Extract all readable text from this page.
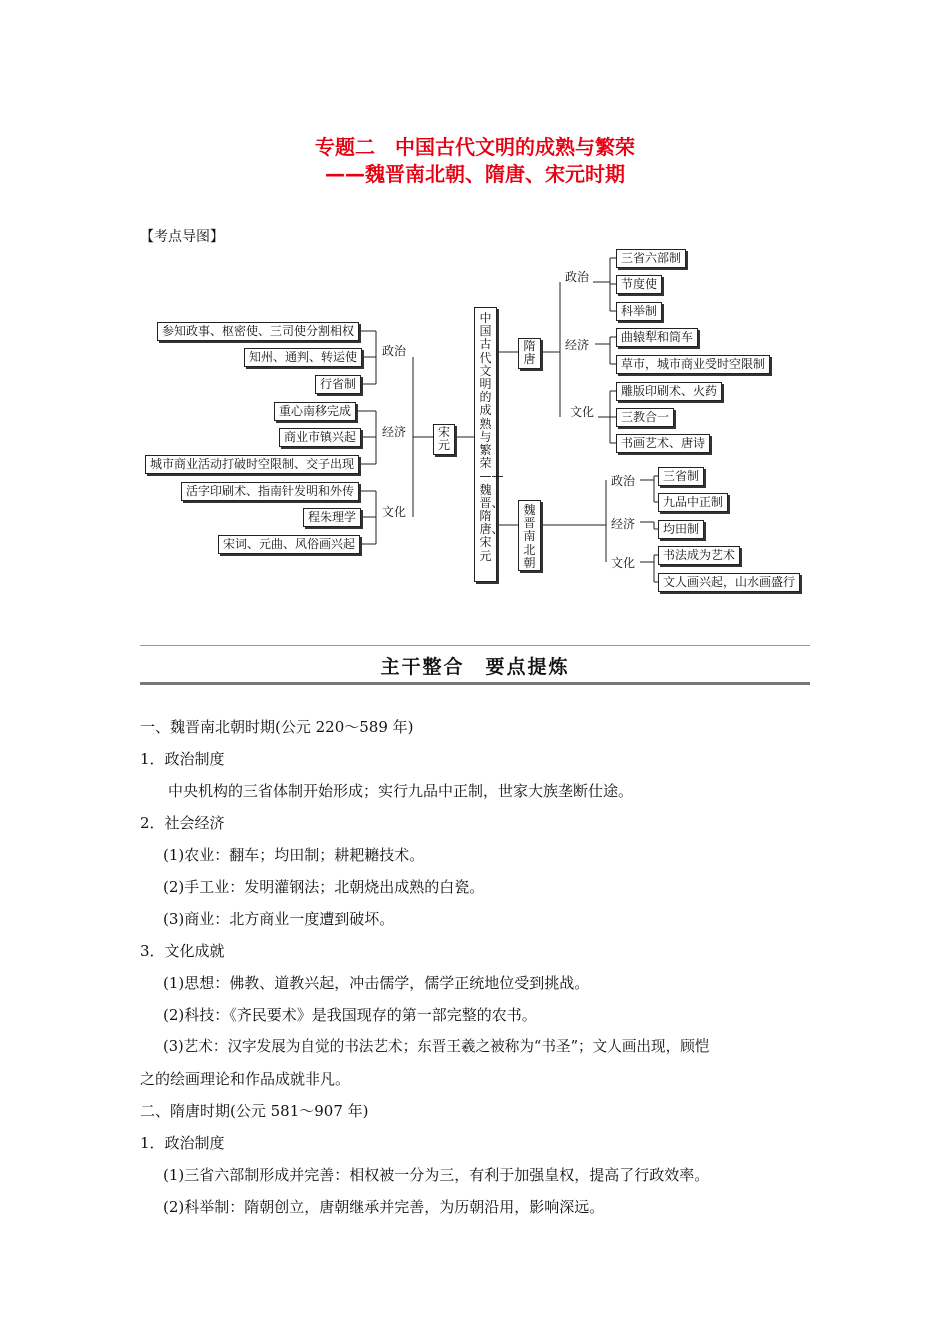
专题二　中国古代文明的成熟与繁荣
——魏晋南北朝、隋唐、宋元时期
【考点导图】
参知政事、枢密使、三司使分割相权
知州、通判、转运使
行省制
重心南移完成
商业市镇兴起
城市商业活动打破时空限制、交子出现
活字印刷术、指南针发明和外传
程朱理学
宋词、元曲、风俗画兴起
政治
经济
文化
宋元
中国古代文明的成熟与繁荣——魏晋、隋唐、宋元
隋唐
魏晋南北朝
政治
经济
文化
三省六部制
节度使
科举制
曲辕犁和筒车
草市，城市商业受时空限制
雕版印刷术、火药
三教合一
书画艺术、唐诗
政治
经济
文化
三省制
九品中正制
均田制
书法成为艺术
文人画兴起，山水画盛行
主干整合　要点提炼
一、魏晋南北朝时期(公元 220～589 年)
1．政治制度
中央机构的三省体制开始形成；实行九品中正制，世家大族垄断仕途。
2．社会经济
(1)农业：翻车；均田制；耕耙耱技术。
(2)手工业：发明灌钢法；北朝烧出成熟的白瓷。
(3)商业：北方商业一度遭到破坏。
3．文化成就
(1)思想：佛教、道教兴起，冲击儒学，儒学正统地位受到挑战。
(2)科技：《齐民要术》是我国现存的第一部完整的农书。
(3)艺术：汉字发展为自觉的书法艺术；东晋王羲之被称为“书圣”；文人画出现，顾恺
之的绘画理论和作品成就非凡。
二、隋唐时期(公元 581～907 年)
1．政治制度
(1)三省六部制形成并完善：相权被一分为三，有利于加强皇权，提高了行政效率。
(2)科举制：隋朝创立，唐朝继承并完善，为历朝沿用，影响深远。
